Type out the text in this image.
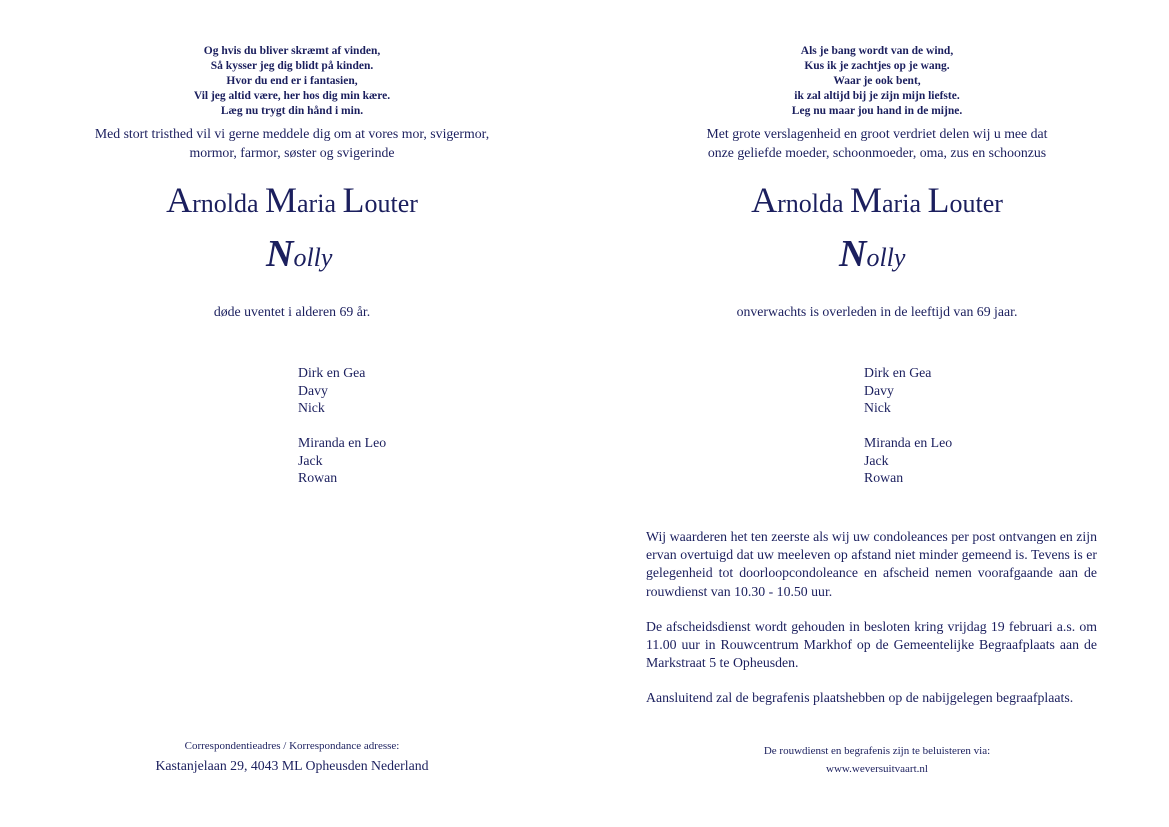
Og hvis du bliver skræmt af vinden,
Så kysser jeg dig blidt på kinden.
Hvor du end er i fantasien,
Vil jeg altid være, her hos dig min kære.
Læg nu trygt din hånd i min.
Med stort tristhed vil vi gerne meddele dig om at vores mor, svigermor,
mormor, farmor, søster og svigerinde
Arnolda Maria Louter
Nolly
døde uventet i alderen 69 år.
Dirk en Gea
Davy
Nick
Miranda en Leo
Jack
Rowan
Correspondentieadres / Korrespondance adresse:
Kastanjelaan 29, 4043 ML Opheusden Nederland
Als je bang wordt van de wind,
Kus ik je zachtjes op je wang.
Waar je ook bent,
ik zal altijd bij je zijn mijn liefste.
Leg nu maar jou hand in de mijne.
Met grote verslagenheid en groot verdriet delen wij u mee dat
onze geliefde moeder, schoonmoeder, oma, zus en schoonzus
Arnolda Maria Louter
Nolly
onverwachts is overleden in de leeftijd van 69 jaar.
Dirk en Gea
Davy
Nick
Miranda en Leo
Jack
Rowan

Wij waarderen het ten zeerste als wij uw condoleances per post ontvangen en zijn ervan overtuigd dat uw meeleven op afstand niet minder gemeend is. Tevens is er gelegenheid tot doorloopcondoleance en afscheid nemen voorafgaande aan de rouwdienst van 10.30 - 10.50 uur.

De afscheidsdienst wordt gehouden in besloten kring vrijdag 19 februari a.s. om 11.00 uur in Rouwcentrum Markhof op de Gemeentelijke Begraafplaats aan de Markstraat 5 te Opheusden.

Aansluitend zal de begrafenis plaatshebben op de nabijgelegen begraafplaats.

De rouwdienst en begrafenis zijn te beluisteren via:
www.weversuitvaart.nl
